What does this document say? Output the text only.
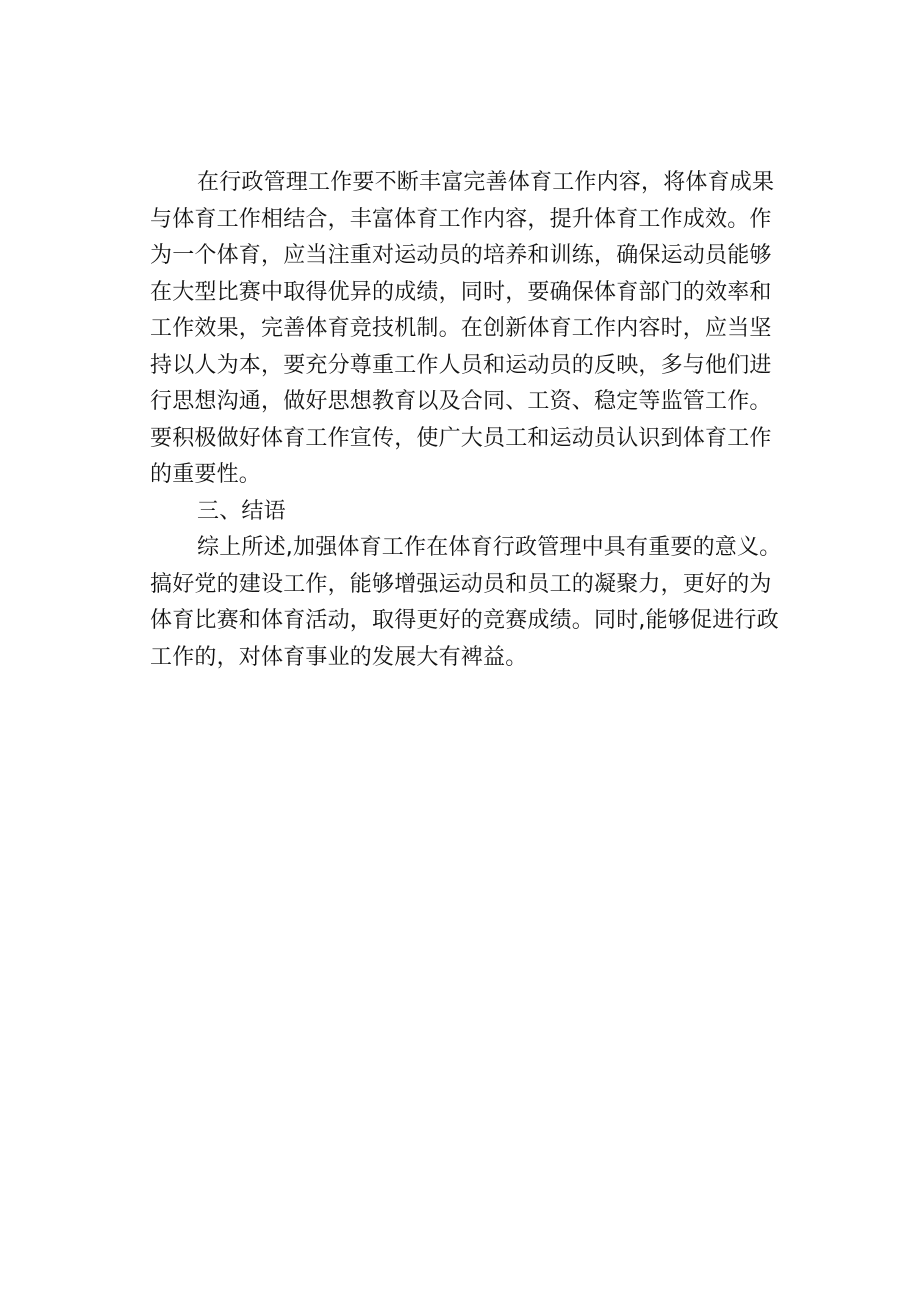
在行政管理工作要不断丰富完善体育工作内容，将体育成果
与体育工作相结合，丰富体育工作内容，提升体育工作成效。作
为一个体育，应当注重对运动员的培养和训练，确保运动员能够
在大型比赛中取得优异的成绩，同时，要确保体育部门的效率和
工作效果，完善体育竞技机制。在创新体育工作内容时，应当坚
持以人为本，要充分尊重工作人员和运动员的反映，多与他们进
行思想沟通，做好思想教育以及合同、工资、稳定等监管工作。
要积极做好体育工作宣传，使广大员工和运动员认识到体育工作
的重要性。

三、结语

综上所述,加强体育工作在体育行政管理中具有重要的意义。
搞好党的建设工作，能够增强运动员和员工的凝聚力，更好的为
体育比赛和体育活动，取得更好的竞赛成绩。同时,能够促进行政
工作的，对体育事业的发展大有裨益。
